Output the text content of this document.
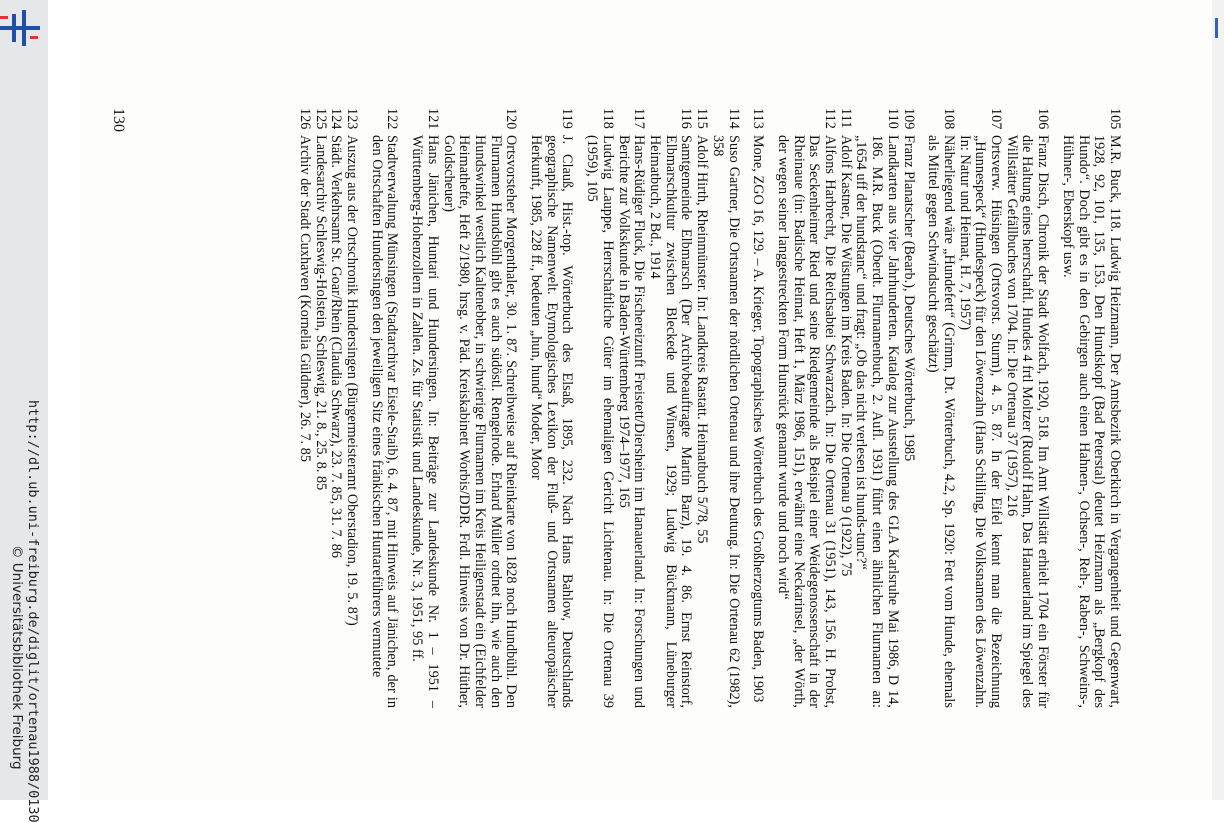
http://dl.ub.uni-freiburg.de/diglit/ortenau1988/0130
© Universitätsbibliothek Freiburg

105M.R. Buck, 118. Ludwig Heizmann, Der Amtsbezirk Oberkirch in Vergangenheit und Gegenwart, 1928, 92, 101, 135, 153. Den Hundskopf (Bad Peterstal) deutet Heizmann als „Bergkopf des Hundo“. Doch gibt es in den Gebirgen auch einen Hahnen-, Ochsen-, Reh-, Raben-, Schweins-, Hühner-, Eberskopf usw.

106Franz Disch, Chronik der Stadt Wolfach, 1920, 518. Im Amt Willstätt erhielt 1704 ein Förster für die Haltung eines herrschaftl. Hundes 4 frtl Moltzer (Rudolf Hahn, Das Hanauerland im Spiegel des Willstätter Gefällbuches von 1704. In: Die Ortenau 37 (1957), 216

107Ortsverw. Hüsingen (Ortsvorst. Sturm), 4. 5. 87. In der Eifel kennt man die Bezeichnung „Hunnespeck“ (Hundespeck) für den Löwenzahn (Hans Schilling, Die Volksnamen des Löwenzahn. In: Natur und Heimat, H. 7, 1957)

108Näherliegend wäre „Hundefett“ (Grimm, Dt. Wörterbuch, 4.2, Sp. 1920: Fett vom Hunde, ehemals als Mittel gegen Schwindsucht geschätzt)

109Franz Planatscher (Bearb.), Deutsches Wörterbuch, 1985

110Landkarten aus vier Jahrhunderten. Katalog zur Ausstellung des GLA Karlsruhe Mai 1986, D 14, 186. M.R. Buck (Oberdt. Flurnamenbuch, 2. Aufl. 1931) führt einen ähnlichen Flurnamen an: „1654 uff der hundstanc“ und fragt: „Ob das nicht verlesen ist hunds-tunc?“

111Adolf Kastner, Die Wüstungen im Kreis Baden. In: Die Ortenau 9 (1922), 75

112Alfons Harbrecht, Die Reichsabtei Schwarzach. In: Die Ortenau 31 (1951), 143, 156. H. Probst, Das Seckenheimer Ried und seine Riedgemeinde als Beispiel einer Weidegenossenschaft in der Rheinaue (in: Badische Heimat, Heft 1, März 1986, 151), erwähnt eine Neckarinsel, „der Wörth, der wegen seiner langgestreckten Form Hunsrück genannt wurde und noch wird“

113Mone, ZGO 16, 129. – A. Krieger, Topographisches Wörterbuch des Großherzogtums Baden, 1903

114Suso Gartner, Die Ortsnamen der nördlichen Ortenau und ihre Deutung. In: Die Ortenau 62 (1982), 358

115Adolf Hirth, Rheinmünster. In: Landkreis Rastatt. Heimatbuch 5/78, 55

116Samtgemeinde Elbmarsch (Der Archivbeauftragte Martin Barz), 19. 4. 86. Ernst Reinstorf, Elbmarschkultur zwischen Bleckede und Winsen, 1929; Ludwig Bückmann, Lüneburger Heimatbuch, 2 Bd., 1914

117Hans-Rüdiger Fluck, Die Fischereizunft Freistett/Diersheim im Hanauerland. In: Forschungen und Berichte zur Volkskunde in Baden-Württemberg 1974–1977, 165

118Ludwig Lauppe, Herrschaftliche Güter im ehemaligen Gericht Lichtenau. In: Die Ortenau 39 (1959), 105

119J. Clauß, Hist.-top. Wörterbuch des Elsaß, 1895, 232. Nach Hans Bahlow, Deutschlands geographische Namenwelt. Etymologisches Lexikon der Fluß- und Ortsnamen alteuropäischer Herkunft, 1985, 228 ff., bedeuten „hun, hund“ Moder, Moor

120Ortsvorsteher Morgenthaler, 30. 1. 87. Schreibweise auf Rheinkarte von 1828 noch Hundbühl. Den Flurnamen Hundsbühl gibt es auch südöstl. Rengelrode. Erhard Müller ordnet ihn, wie auch den Hundswinkel westlich Kaltenebber, in schwierige Flurnamen im Kreis Heiligenstadt ein (Eichfelder Heimathefte, Heft 2/1980, hrsg. v. Päd. Kreiskabinett Worbis/DDR. Frdl. Hinweis von Dr. Hüther, Goldscheuer)

121Hans Jänichen, Huntari und Hundersingen. In: Beiträge zur Landeskunde Nr. 1 – 1951 – Württemberg-Hohenzollern in Zahlen. Zs. für Statistik und Landeskunde, Nr. 3, 1951, 95 ff.

122Stadtverwaltung Münsingen (Stadtarchivar Eisele-Staib), 6. 4. 87, mit Hinweis auf Jänichen, der in den Ortschaften Hundersingen den jeweiligen Sitz eines fränkischen Huntareführers vermutete

123Auszug aus der Ortschronik Hundersingen (Bürgermeisteramt Oberstadion, 19. 5. 87)

124Städt. Verkehrsamt St. Goar/Rhein (Claudia Schwarz), 23. 7. 85, 31. 7. 86

125Landesarchiv Schleswig-Holstein, Schleswig, 21. 8., 25. 8. 85

126Archiv der Stadt Cuxhaven (Kornelia Güldner), 26. 7. 85

130
